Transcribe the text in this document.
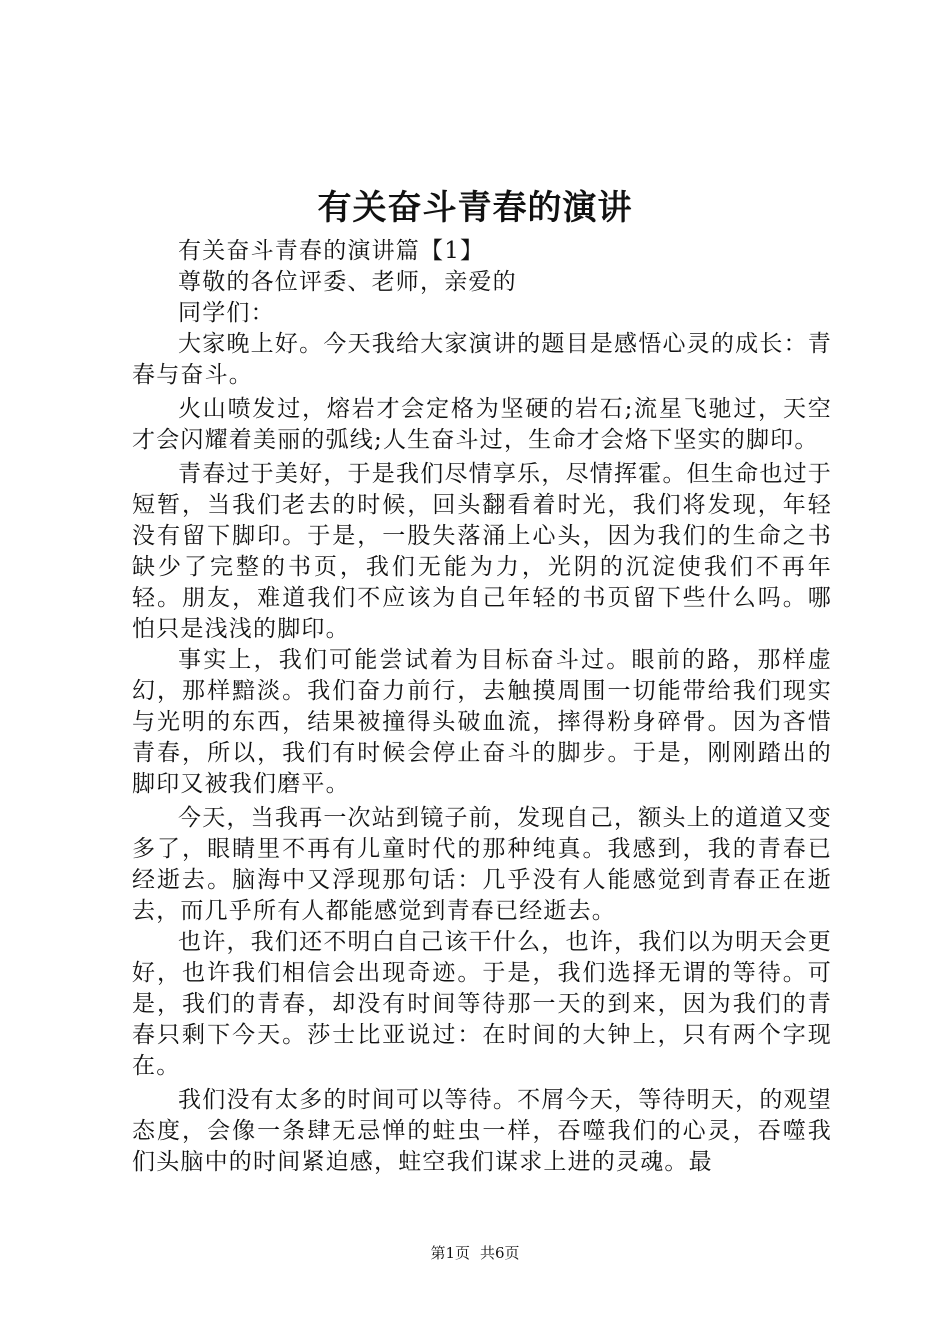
有关奋斗青春的演讲

有关奋斗青春的演讲篇【1】

尊敬的各位评委、老师，亲爱的

同学们：

大家晚上好。今天我给大家演讲的题目是感悟心灵的成长：青春与奋斗。

火山喷发过，熔岩才会定格为坚硬的岩石;流星飞驰过，天空才会闪耀着美丽的弧线;人生奋斗过，生命才会烙下坚实的脚印。

青春过于美好，于是我们尽情享乐，尽情挥霍。但生命也过于短暂，当我们老去的时候，回头翻看着时光，我们将发现，年轻没有留下脚印。于是，一股失落涌上心头，因为我们的生命之书缺少了完整的书页，我们无能为力，光阴的沉淀使我们不再年轻。朋友，难道我们不应该为自己年轻的书页留下些什么吗。哪怕只是浅浅的脚印。

事实上，我们可能尝试着为目标奋斗过。眼前的路，那样虚幻，那样黯淡。我们奋力前行，去触摸周围一切能带给我们现实与光明的东西，结果被撞得头破血流，摔得粉身碎骨。因为吝惜青春，所以，我们有时候会停止奋斗的脚步。于是，刚刚踏出的脚印又被我们磨平。

今天，当我再一次站到镜子前，发现自己，额头上的道道又变多了，眼睛里不再有儿童时代的那种纯真。我感到，我的青春已经逝去。脑海中又浮现那句话：几乎没有人能感觉到青春正在逝去，而几乎所有人都能感觉到青春已经逝去。

也许，我们还不明白自己该干什么，也许，我们以为明天会更好，也许我们相信会出现奇迹。于是，我们选择无谓的等待。可是，我们的青春，却没有时间等待那一天的到来，因为我们的青春只剩下今天。莎士比亚说过：在时间的大钟上，只有两个字现在。

我们没有太多的时间可以等待。不屑今天，等待明天，的观望态度，会像一条肆无忌惮的蛀虫一样，吞噬我们的心灵，吞噬我们头脑中的时间紧迫感，蛀空我们谋求上进的灵魂。最

第1页 共6页
